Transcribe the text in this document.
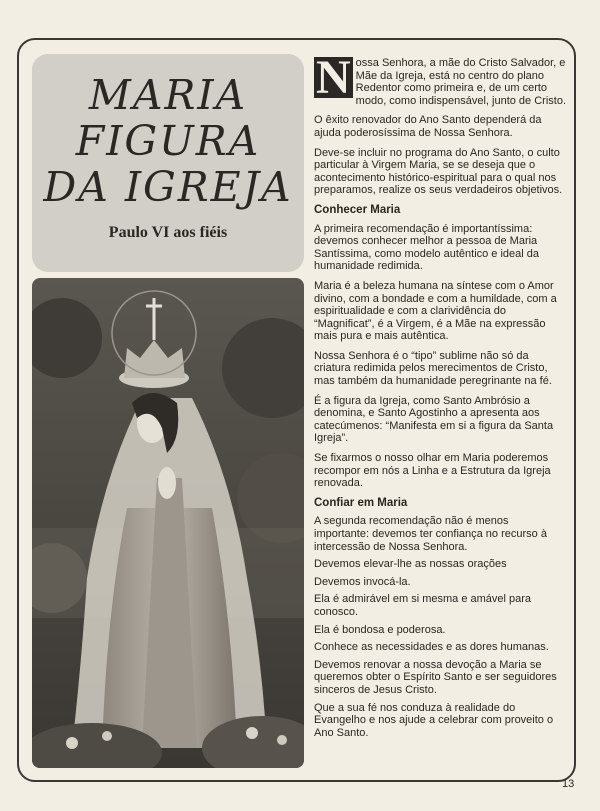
MARIA
FIGURA
DA IGREJA
Paulo VI aos fiéis

N ossa Senhora, a mãe do Cristo Salvador, e Mãe da Igreja, está no centro do plano Redentor como primeira e, de um certo modo, como indispensável, junto de Cristo.

O êxito renovador do Ano Santo dependerá da ajuda poderosíssima de Nossa Senhora.

Deve-se incluir no programa do Ano Santo, o culto particular à Virgem Maria, se se deseja que o acontecimento histórico-espiritual para o qual nos preparamos, realize os seus verdadeiros objetivos.

Conhecer Maria

A primeira recomendação é importantíssima: devemos conhecer melhor a pessoa de Maria Santíssima, como modelo autêntico e ideal da humanidade redimida.

Maria é a beleza humana na síntese com o Amor divino, com a bondade e com a humildade, com a espiritualidade e com a clarividência do “Magnificat”, é a Virgem, é a Mãe na expressão mais pura e mais autêntica.

Nossa Senhora é o “tipo” sublime não só da criatura redimida pelos merecimentos de Cristo, mas também da humanidade peregrinante na fé.

É a figura da Igreja, como Santo Ambrósio a denomina, e Santo Agostinho a apresenta aos catecúmenos: “Manifesta em si a figura da Santa Igreja”.

Se fixarmos o nosso olhar em Maria poderemos recompor em nós a Linha e a Estrutura da Igreja renovada.

Confiar em Maria

A segunda recomendação não é menos importante: devemos ter confiança no recurso à intercessão de Nossa Senhora.

Devemos elevar-lhe as nossas orações

Devemos invocá-la.

Ela é admirável em si mesma e amável para conosco.

Ela é bondosa e poderosa.

Conhece as necessidades e as dores humanas.

Devemos renovar a nossa devoção a Maria se queremos obter o Espírito Santo e ser seguidores sinceros de Jesus Cristo.

Que a sua fé nos conduza à realidade do Evangelho e nos ajude a celebrar com proveito o Ano Santo.

13
